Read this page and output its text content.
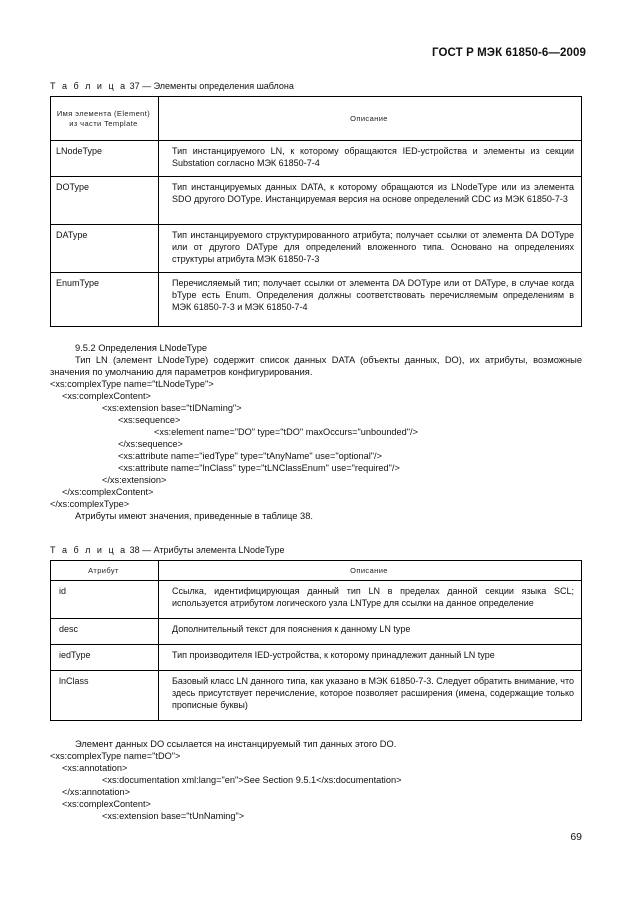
ГОСТ Р МЭК 61850-6—2009
Т а б л и ц а 37 — Элементы определения шаблона
Имя элемента (Element) из части Template	Описание
LNodeType	Тип инстанцируемого LN, к которому обращаются IED-устройства и элементы из секции Substation согласно МЭК 61850-7-4
DOType	Тип инстанцируемых данных DATA, к которому обращаются из LNodeType или из элемента SDO другого DOType. Инстанцируемая версия на основе определений CDC из МЭК 61850-7-3
DAType	Тип инстанцируемого структурированного атрибута; получает ссылки от элемента DA DOType или от другого DAType для определений вложенного типа. Основано на определениях структуры атрибута МЭК 61850-7-3
EnumType	Перечисляемый тип; получает ссылки от элемента DA DOType или от DAType, в случае когда bType есть Enum. Определения должны соответствовать перечисляемым определениям в МЭК 61850-7-3 и МЭК 61850-7-4

9.5.2 Определения LNodeType

Тип LN (элемент LNodeType) содержит список данных DATA (объекты данных, DO), их атрибуты, возможные значения по умолчанию для параметров конфигурирования.

<xs:complexType name="tLNodeType">

<xs:complexContent>

<xs:extension base="tIDNaming">

<xs:sequence>

<xs:element name="DO" type="tDO" maxOccurs="unbounded"/>

</xs:sequence>

<xs:attribute name="iedType" type="tAnyName" use="optional"/>

<xs:attribute name="lnClass" type="tLNClassEnum" use="required"/>

</xs:extension>

</xs:complexContent>

</xs:complexType>

Атрибуты имеют значения, приведенные в таблице 38.

Т а б л и ц а 38 — Атрибуты элемента LNodeType
Атрибут	Описание
id	Ссылка, идентифицирующая данный тип LN в пределах данной секции языка SCL; используется атрибутом логического узла LNType для ссылки на данное определение
desc	Дополнительный текст для пояснения к данному LN type
iedType	Тип производителя IED-устройства, к которому принадлежит данный LN type
lnClass	Базовый класс LN данного типа, как указано в МЭК 61850-7-3. Следует обратить внимание, что здесь присутствует перечисление, которое позволяет расширения (имена, содержащие только прописные буквы)

Элемент данных DO ссылается на инстанцируемый тип данных этого DO.

<xs:complexType name="tDO">

<xs:annotation>

<xs:documentation xml:lang="en">See Section 9.5.1</xs:documentation>

</xs:annotation>

<xs:complexContent>

<xs:extension base="tUnNaming">

69
